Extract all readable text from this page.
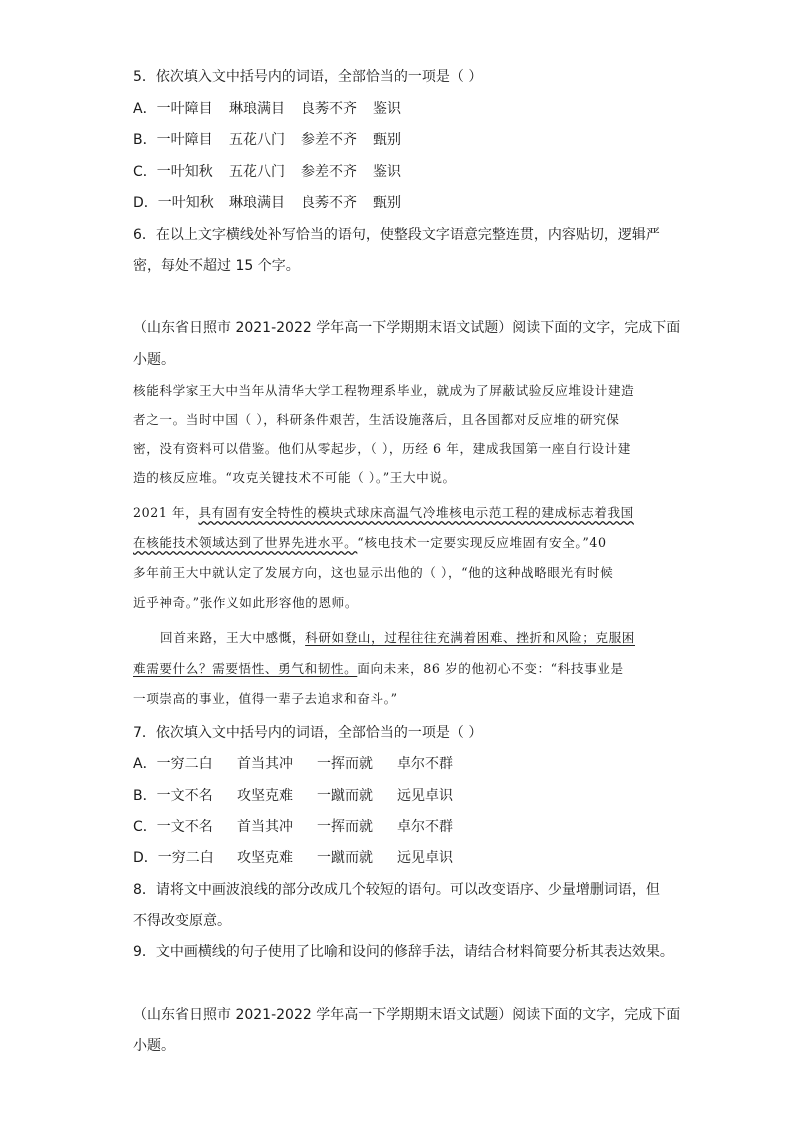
5．依次填入文中括号内的词语，全部恰当的一项是（ ）
A．一叶障目 琳琅满目 良莠不齐 鉴识
B．一叶障目 五花八门 参差不齐 甄别
C．一叶知秋 五花八门 参差不齐 鉴识
D．一叶知秋 琳琅满目 良莠不齐 甄别
6．在以上文字横线处补写恰当的语句，使整段文字语意完整连贯，内容贴切，逻辑严
密，每处不超过 15 个字。
（山东省日照市 2021-2022 学年高一下学期期末语文试题）阅读下面的文字，完成下面
小题。
核能科学家王大中当年从清华大学工程物理系毕业，就成为了屏蔽试验反应堆设计建造
者之一。当时中国（ ），科研条件艰苦，生活设施落后，且各国都对反应堆的研究保
密，没有资料可以借鉴。他们从零起步，（ ），历经 6 年，建成我国第一座自行设计建
造的核反应堆。“攻克关键技术不可能（ ）。”王大中说。
2021 年，具有固有安全特性的模块式球床高温气冷堆核电示范工程的建成标志着我国
在核能技术领域达到了世界先进水平。“核电技术一定要实现反应堆固有安全。”40
多年前王大中就认定了发展方向，这也显示出他的（ ），“他的这种战略眼光有时候
近乎神奇。”张作义如此形容他的恩师。
回首来路，王大中感慨，科研如登山，过程往往充满着困难、挫折和风险；克服困
难需要什么？需要悟性、勇气和韧性。面向未来，86 岁的他初心不变：“科技事业是
一项崇高的事业，值得一辈子去追求和奋斗。”
7．依次填入文中括号内的词语，全部恰当的一项是（ ）
A．一穷二白 首当其冲 一挥而就 卓尔不群
B．一文不名 攻坚克难 一蹴而就 远见卓识
C．一文不名 首当其冲 一挥而就 卓尔不群
D．一穷二白 攻坚克难 一蹴而就 远见卓识
8．请将文中画波浪线的部分改成几个较短的语句。可以改变语序、少量增删词语，但
不得改变原意。
9．文中画横线的句子使用了比喻和设问的修辞手法，请结合材料简要分析其表达效果。
（山东省日照市 2021-2022 学年高一下学期期末语文试题）阅读下面的文字，完成下面
小题。
